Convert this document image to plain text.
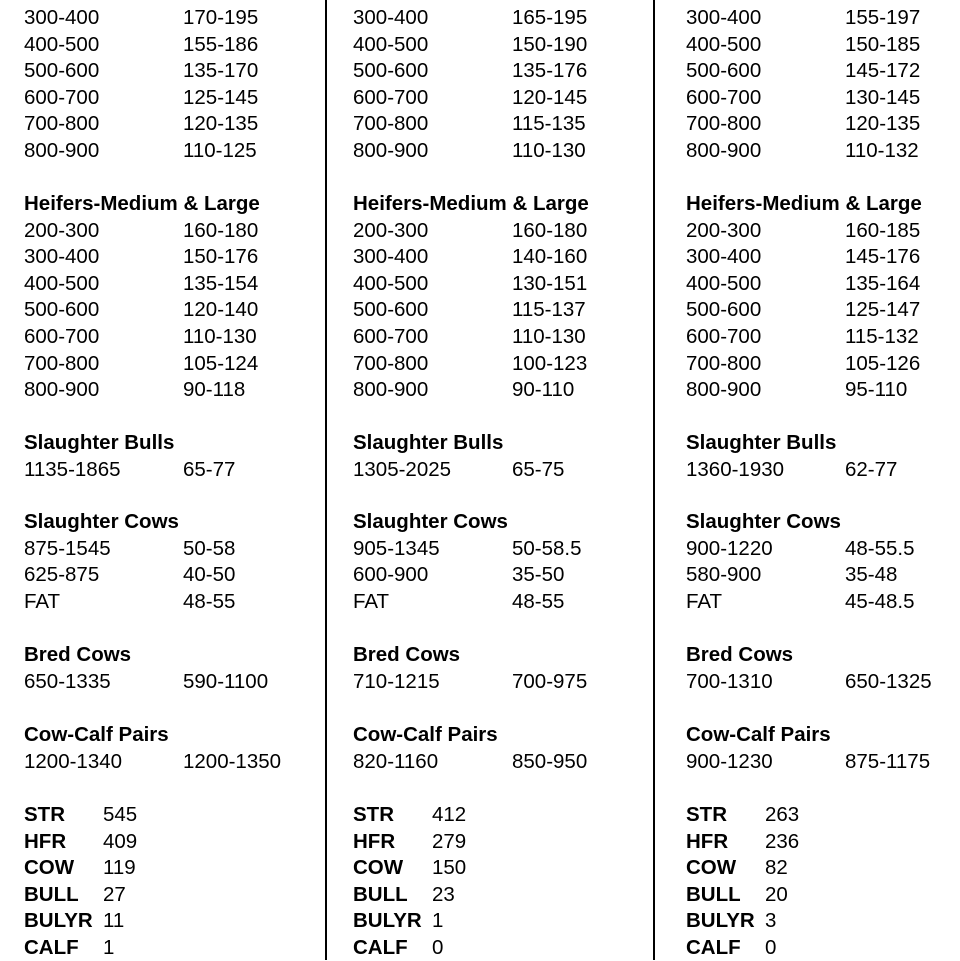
300-400	170-195
400-500	155-186
500-600	135-170
600-700	125-145
700-800	120-135
800-900	110-125
Heifers-Medium & Large
200-300	160-180
300-400	150-176
400-500	135-154
500-600	120-140
600-700	110-130
700-800	105-124
800-900	90-118
Slaughter Bulls
1135-1865	65-77
Slaughter Cows
875-1545	50-58
625-875	40-50
FAT	48-55
Bred Cows
650-1335	590-1100
Cow-Calf Pairs
1200-1340	1200-1350
STR 545
HFR 409
COW 119
BULL 27
BULYR 11
CALF 1
300-400	165-195
400-500	150-190
500-600	135-176
600-700	120-145
700-800	115-135
800-900	110-130
Heifers-Medium & Large
200-300	160-180
300-400	140-160
400-500	130-151
500-600	115-137
600-700	110-130
700-800	100-123
800-900	90-110
Slaughter Bulls
1305-2025	65-75
Slaughter Cows
905-1345	50-58.5
600-900	35-50
FAT	48-55
Bred Cows
710-1215	700-975
Cow-Calf Pairs
820-1160	850-950
STR 412
HFR 279
COW 150
BULL 23
BULYR 1
CALF 0
300-400	155-197
400-500	150-185
500-600	145-172
600-700	130-145
700-800	120-135
800-900	110-132
Heifers-Medium & Large
200-300	160-185
300-400	145-176
400-500	135-164
500-600	125-147
600-700	115-132
700-800	105-126
800-900	95-110
Slaughter Bulls
1360-1930	62-77
Slaughter Cows
900-1220	48-55.5
580-900	35-48
FAT	45-48.5
Bred Cows
700-1310	650-1325
Cow-Calf Pairs
900-1230	875-1175
STR 263
HFR 236
COW 82
BULL 20
BULYR 3
CALF 0
